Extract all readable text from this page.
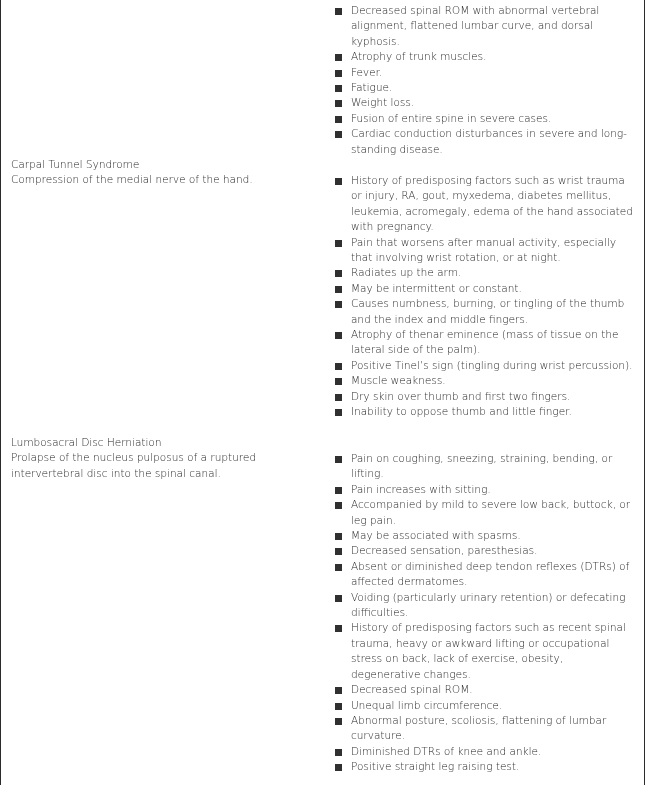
Decreased spinal ROM with abnormal vertebral alignment, flattened lumbar curve, and dorsal kyphosis.
Atrophy of trunk muscles.
Fever.
Fatigue.
Weight loss.
Fusion of entire spine in severe cases.
Cardiac conduction disturbances in severe and long-standing disease.
Carpal Tunnel Syndrome
Compression of the medial nerve of the hand.	History of predisposing factors such as wrist trauma or injury, RA, gout, myxedema, diabetes mellitus, leukemia, acromegaly, edema of the hand associated with pregnancy.
Pain that worsens after manual activity, especially that involving wrist rotation, or at night.
Radiates up the arm.
May be intermittent or constant.
Causes numbness, burning, or tingling of the thumb and the index and middle fingers.
Atrophy of thenar eminence (mass of tissue on the lateral side of the palm).
Positive Tinel’s sign (tingling during wrist percussion).
Muscle weakness.
Dry skin over thumb and first two fingers.
Inability to oppose thumb and little finger.
Lumbosacral Disc Herniation
Prolapse of the nucleus pulposus of a ruptured
intervertebral disc into the spinal canal.
Pain on coughing, sneezing, straining, bending, or lifting.
Pain increases with sitting.
Accompanied by mild to severe low back, buttock, or leg pain.
May be associated with spasms.
Decreased sensation, paresthesias.
Absent or diminished deep tendon reflexes (DTRs) of affected dermatomes.
Voiding (particularly urinary retention) or defecating difficulties.
History of predisposing factors such as recent spinal trauma, heavy or awkward lifting or occupational stress on back, lack of exercise, obesity, degenerative changes.
Decreased spinal ROM.
Unequal limb circumference.
Abnormal posture, scoliosis, flattening of lumbar curvature.
Diminished DTRs of knee and ankle.
Positive straight leg raising test.
